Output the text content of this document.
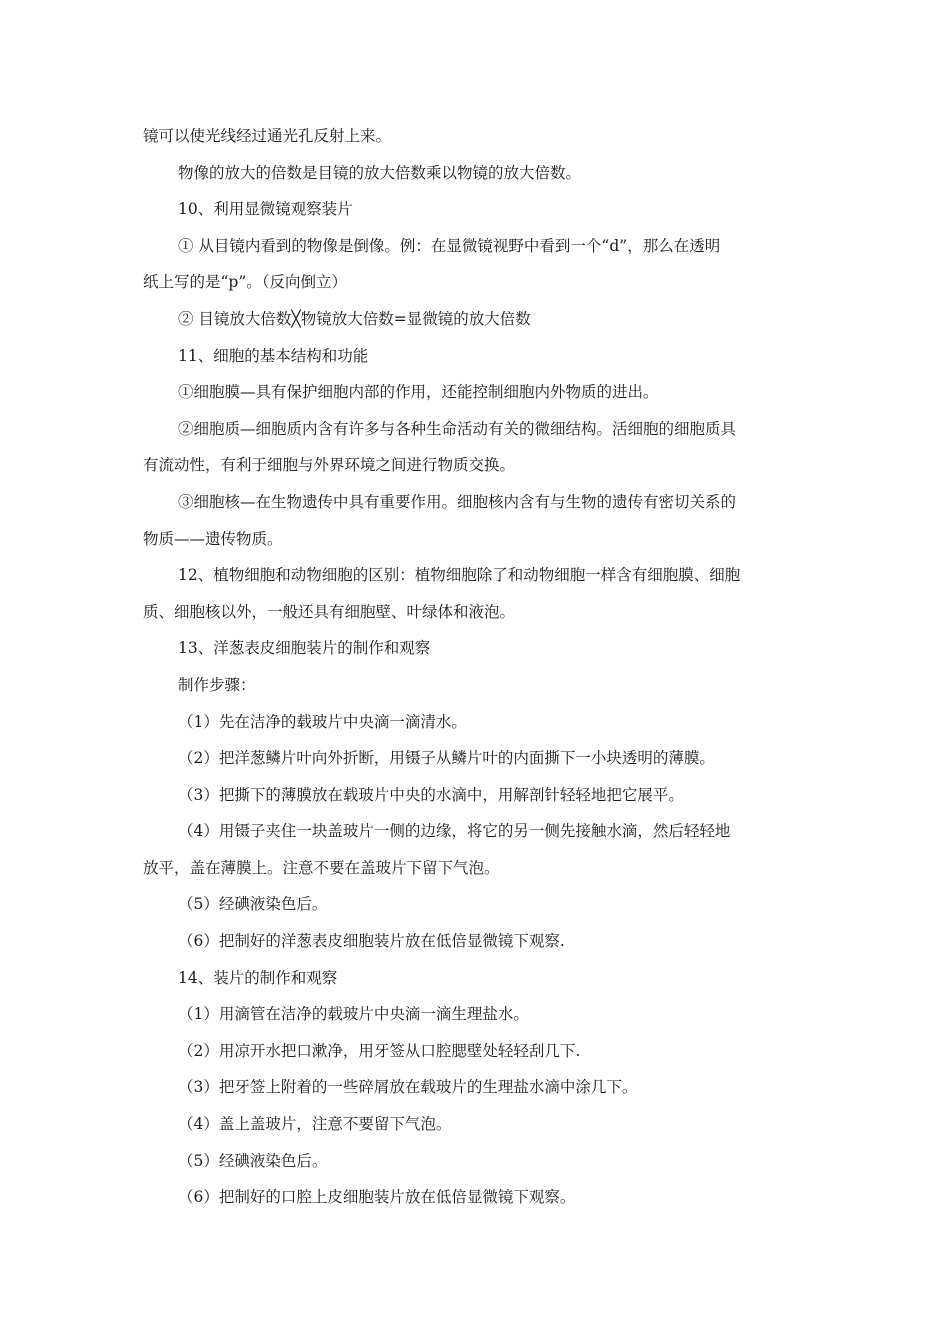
镜可以使光线经过通光孔反射上来。
物像的放大的倍数是目镜的放大倍数乘以物镜的放大倍数。
10、利用显微镜观察装片
① 从目镜内看到的物像是倒像。例：在显微镜视野中看到一个“d”，那么在透明
纸上写的是“p”。（反向倒立）
② 目镜放大倍数╳物镜放大倍数=显微镜的放大倍数
11、细胞的基本结构和功能
①细胞膜—具有保护细胞内部的作用，还能控制细胞内外物质的进出。
②细胞质—细胞质内含有许多与各种生命活动有关的微细结构。活细胞的细胞质具
有流动性，有利于细胞与外界环境之间进行物质交换。
③细胞核—在生物遗传中具有重要作用。细胞核内含有与生物的遗传有密切关系的
物质——遗传物质。
12、植物细胞和动物细胞的区别：植物细胞除了和动物细胞一样含有细胞膜、细胞
质、细胞核以外，一般还具有细胞壁、叶绿体和液泡。
13、洋葱表皮细胞装片的制作和观察
制作步骤：
（1）先在洁净的载玻片中央滴一滴清水。
（2）把洋葱鳞片叶向外折断，用镊子从鳞片叶的内面撕下一小块透明的薄膜。
（3）把撕下的薄膜放在载玻片中央的水滴中，用解剖针轻轻地把它展平。
（4）用镊子夹住一块盖玻片一侧的边缘，将它的另一侧先接触水滴，然后轻轻地
放平，盖在薄膜上。注意不要在盖玻片下留下气泡。
（5）经碘液染色后。
（6）把制好的洋葱表皮细胞装片放在低倍显微镜下观察.
14、装片的制作和观察
（1）用滴管在洁净的载玻片中央滴一滴生理盐水。
（2）用凉开水把口漱净，用牙签从口腔腮壁处轻轻刮几下.
（3）把牙签上附着的一些碎屑放在载玻片的生理盐水滴中涂几下。
（4）盖上盖玻片，注意不要留下气泡。
（5）经碘液染色后。
（6）把制好的口腔上皮细胞装片放在低倍显微镜下观察。
